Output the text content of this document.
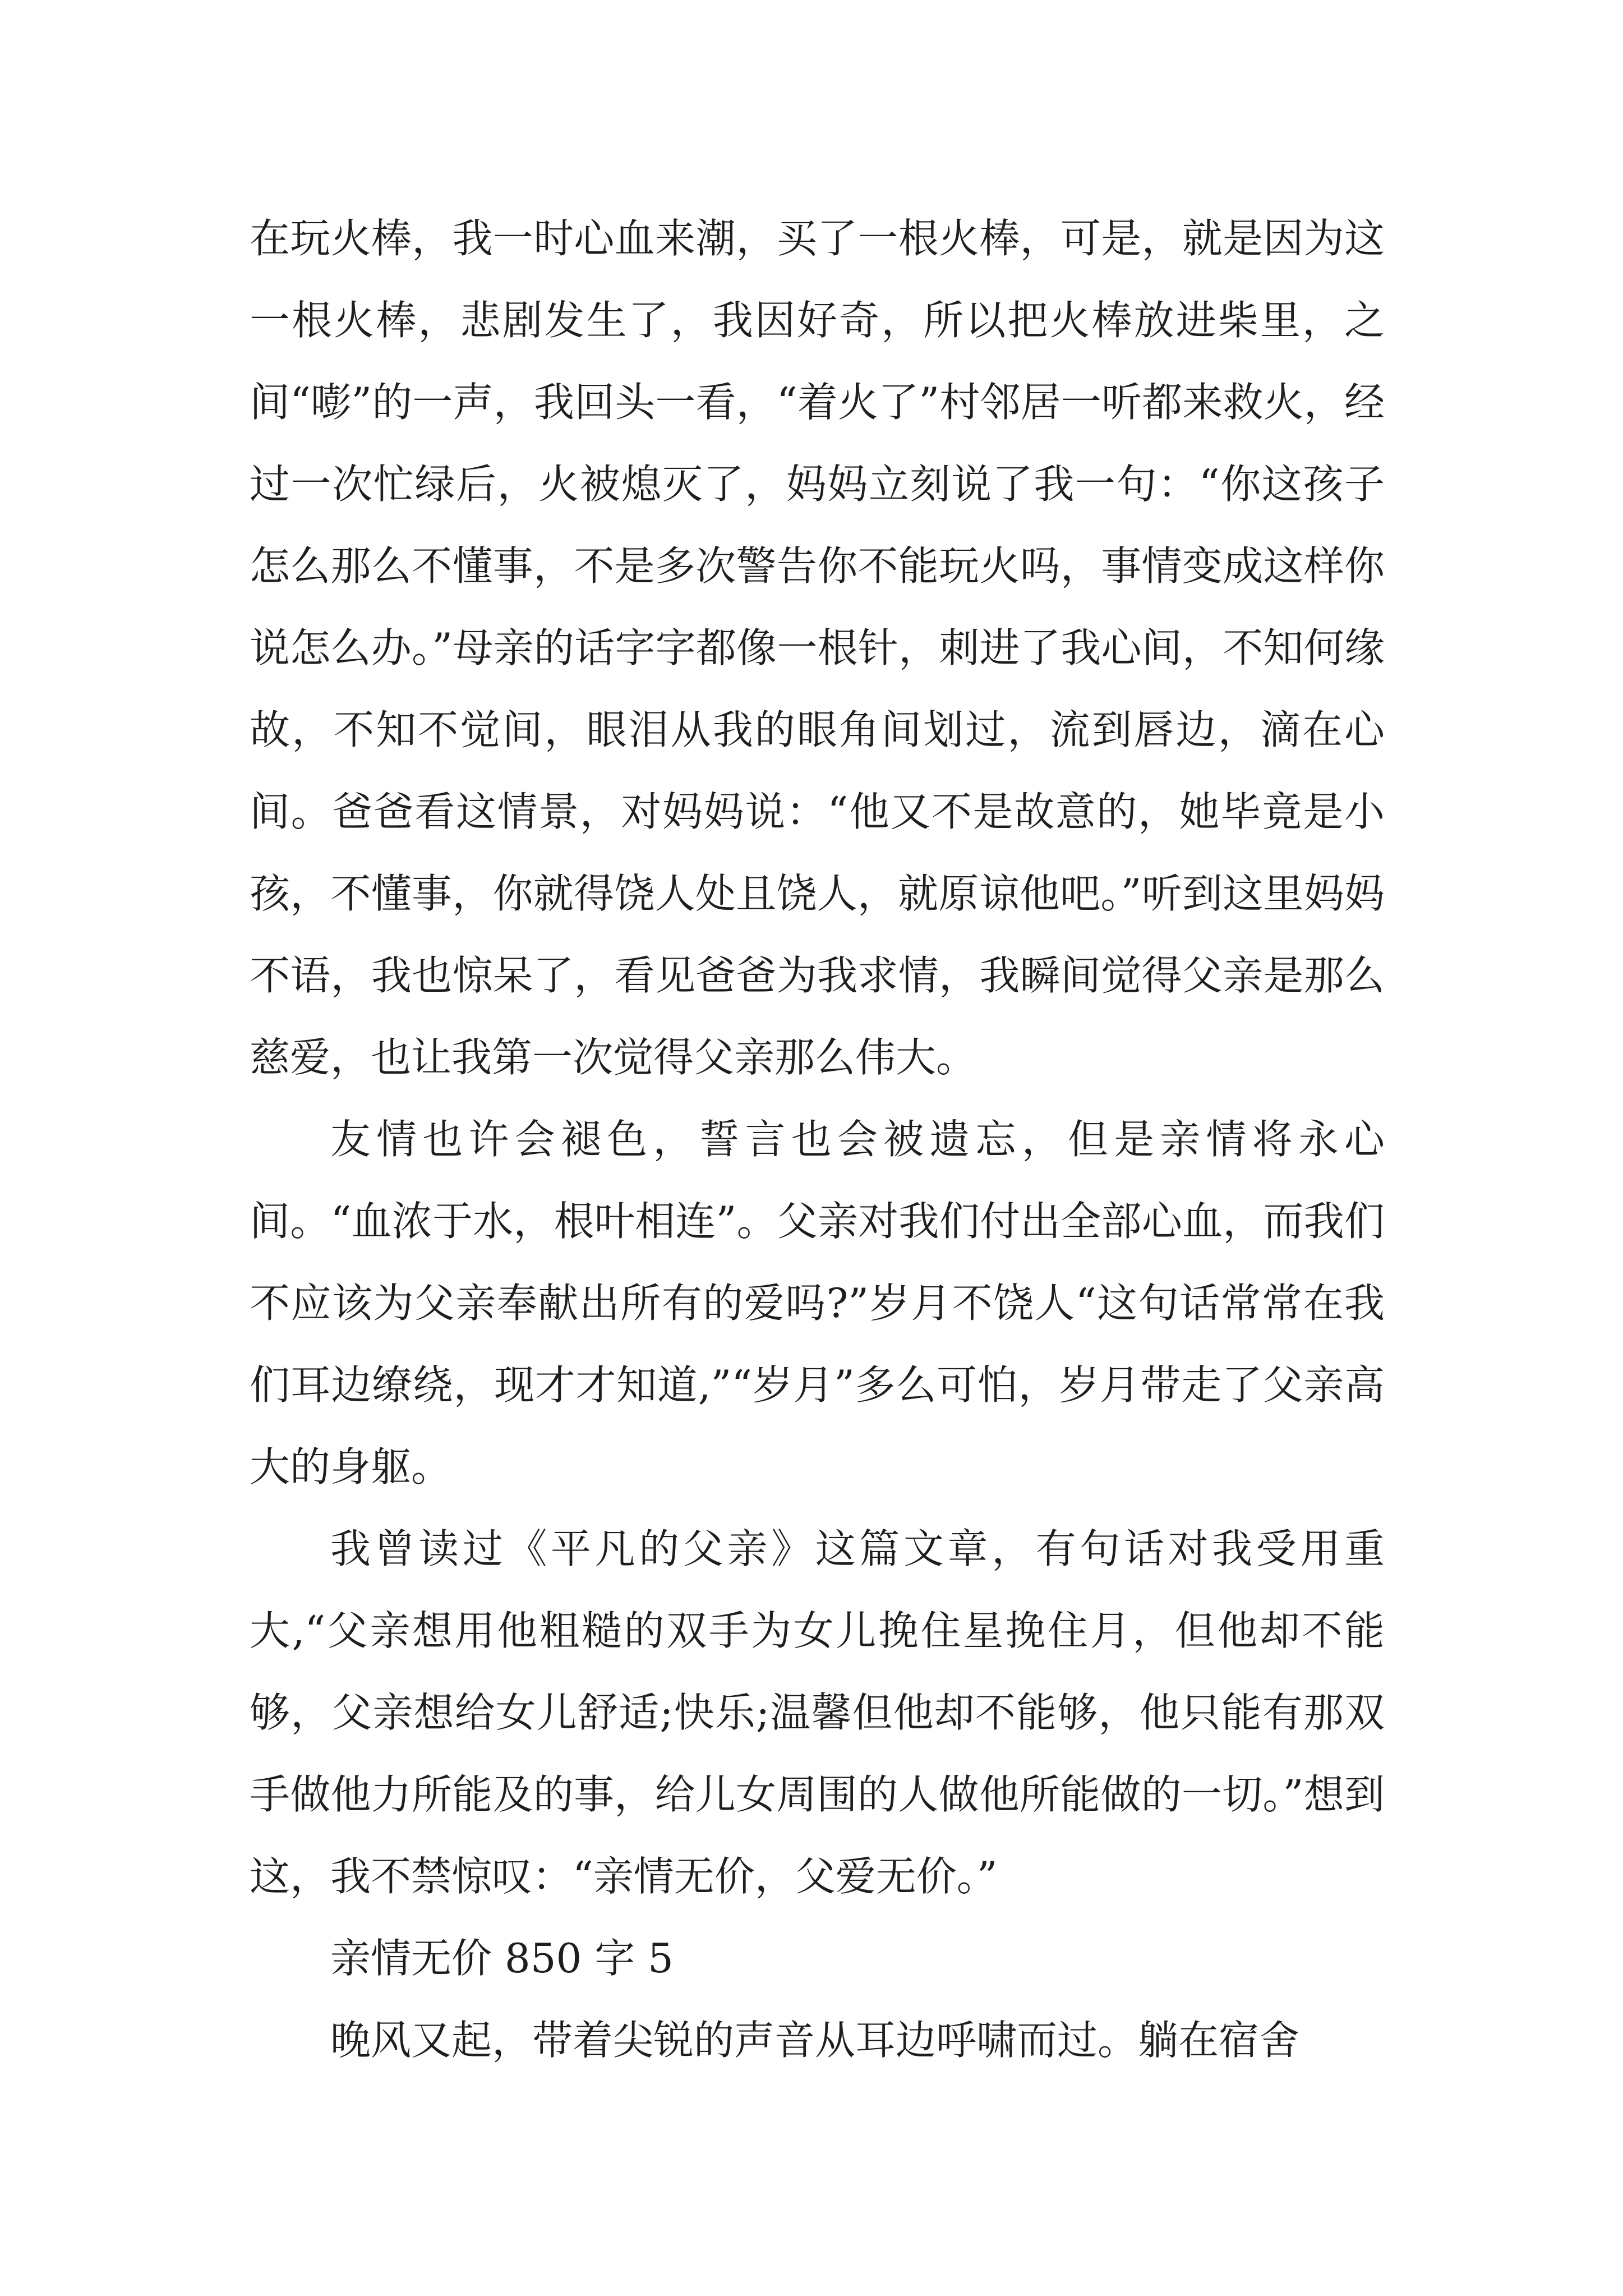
在玩火棒，我一时心血来潮，买了一根火棒，可是，就是因为这一根火棒，悲剧发生了，我因好奇，所以把火棒放进柴里，之间“嘭”的一声，我回头一看，“着火了”村邻居一听都来救火，经过一次忙绿后，火被熄灭了，妈妈立刻说了我一句：“你这孩子怎么那么不懂事，不是多次警告你不能玩火吗，事情变成这样你说怎么办。”母亲的话字字都像一根针，刺进了我心间，不知何缘故，不知不觉间，眼泪从我的眼角间划过，流到唇边，滴在心间。爸爸看这情景，对妈妈说：“他又不是故意的，她毕竟是小孩，不懂事，你就得饶人处且饶人，就原谅他吧。”听到这里妈妈不语，我也惊呆了，看见爸爸为我求情，我瞬间觉得父亲是那么慈爱，也让我第一次觉得父亲那么伟大。

友情也许会褪色，誓言也会被遗忘，但是亲情将永心间。“血浓于水，根叶相连”。父亲对我们付出全部心血，而我们不应该为父亲奉献出所有的爱吗?”岁月不饶人“这句话常常在我们耳边缭绕，现才才知道,”“岁月”多么可怕，岁月带走了父亲高大的身躯。

我曾读过《平凡的父亲》这篇文章，有句话对我受用重大,“父亲想用他粗糙的双手为女儿挽住星挽住月，但他却不能够，父亲想给女儿舒适;快乐;温馨但他却不能够，他只能有那双手做他力所能及的事，给儿女周围的人做他所能做的一切。”想到这，我不禁惊叹：“亲情无价，父爱无价。”

亲情无价 850 字 5

晚风又起，带着尖锐的声音从耳边呼啸而过。躺在宿舍
